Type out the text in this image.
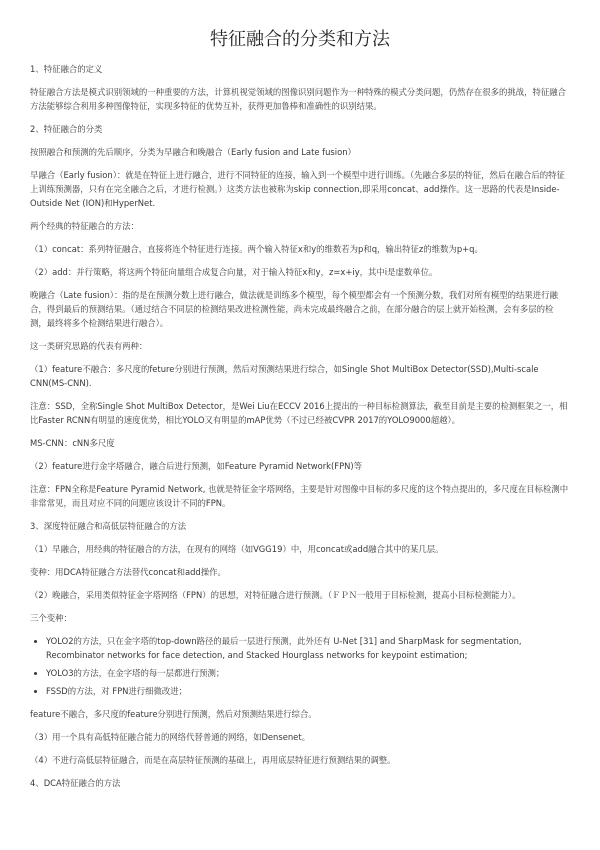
特征融合的分类和方法

1、特征融合的定义

特征融合方法是模式识别领域的一种重要的方法，计算机视觉领域的图像识别问题作为一种特殊的模式分类问题，仍然存在很多的挑战，特征融合方法能够综合利用多种图像特征，实现多特征的优势互补，获得更加鲁棒和准确性的识别结果。

2、特征融合的分类

按照融合和预测的先后顺序，分类为早融合和晚融合（Early fusion and Late fusion）

早融合（Early fusion）：就是在特征上进行融合，进行不同特征的连接，输入到一个模型中进行训练。（先融合多层的特征，然后在融合后的特征上训练预测器，只有在完全融合之后，才进行检测。）这类方法也被称为skip connection,即采用concat、add操作。这一思路的代表是Inside-Outside Net (ION)和HyperNet.

两个经典的特征融合的方法：

（1）concat：系列特征融合，直接将连个特征进行连接。两个输入特征x和y的维数若为p和q，输出特征z的维数为p+q。

（2）add：并行策略，将这两个特征向量组合成复合向量，对于输入特征x和y，z=x+iy，其中i是虚数单位。

晚融合（Late fusion）：指的是在预测分数上进行融合，做法就是训练多个模型，每个模型都会有一个预测分数，我们对所有模型的结果进行融合，得到最后的预测结果。（通过结合不同层的检测结果改进检测性能，尚未完成最终融合之前，在部分融合的层上就开始检测，会有多层的检测，最终将多个检测结果进行融合）。

这一类研究思路的代表有两种：

（1）feature不融合：多尺度的feture分别进行预测，然后对预测结果进行综合，如Single Shot MultiBox Detector(SSD),Multi-scale CNN(MS-CNN).

注意：SSD，全称Single Shot MultiBox Detector，是Wei Liu在ECCV 2016上提出的一种目标检测算法，截至目前是主要的检测框架之一，相比Faster RCNN有明显的速度优势，相比YOLO又有明显的mAP优势（不过已经被CVPR 2017的YOLO9000超越）。

MS-CNN：cNN多尺度

（2）feature进行金字塔融合，融合后进行预测，如Feature Pyramid Network(FPN)等

注意：FPN全称是Feature Pyramid Network, 也就是特征金字塔网络，主要是针对图像中目标的多尺度的这个特点提出的，多尺度在目标检测中非常常见，而且对应不同的问题应该设计不同的FPN。

3、深度特征融合和高低层特征融合的方法

（1）早融合，用经典的特征融合的方法，在现有的网络（如VGG19）中，用concat或add融合其中的某几层。

变种：用DCA特征融合方法替代concat和add操作。

（2）晚融合，采用类似特征金字塔网络（FPN）的思想，对特征融合进行预测。（ＦＰＮ一般用于目标检测，提高小目标检测能力）。

三个变种：

• YOLO2的方法，只在金字塔的top-down路径的最后一层进行预测，此外还有 U-Net [31] and SharpMask for segmentation, Recombinator networks for face detection, and Stacked Hourglass networks for keypoint estimation;
• YOLO3的方法，在金字塔的每一层都进行预测；
• FSSD的方法，对 FPN进行细微改进；

feature不融合，多尺度的feature分别进行预测，然后对预测结果进行综合。

（3）用一个具有高低特征融合能力的网络代替普通的网络，如Densenet。

（4）不进行高低层特征融合，而是在高层特征预测的基础上，再用底层特征进行预测结果的调整。

4、DCA特征融合的方法
